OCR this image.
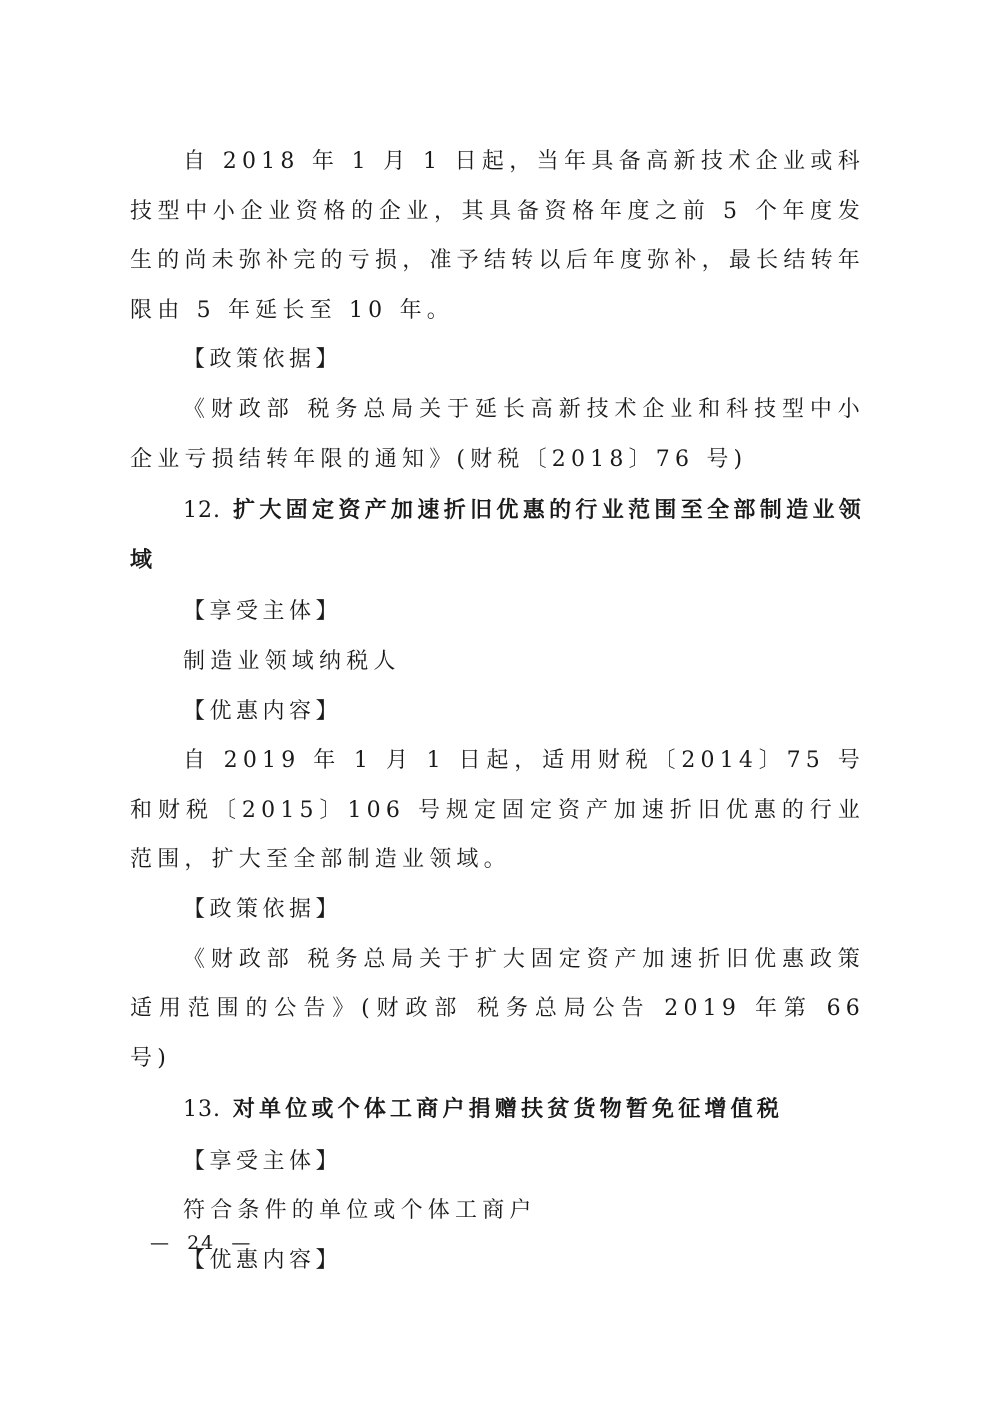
自 2018 年 1 月 1 日起，当年具备高新技术企业或科技型中小企业资格的企业，其具备资格年度之前 5 个年度发生的尚未弥补完的亏损，准予结转以后年度弥补，最长结转年限由 5 年延长至 10 年。

【政策依据】

《财政部 税务总局关于延长高新技术企业和科技型中小企业亏损结转年限的通知》(财税〔2018〕76 号)

12. 扩大固定资产加速折旧优惠的行业范围至全部制造业领域

【享受主体】

制造业领域纳税人

【优惠内容】

自 2019 年 1 月 1 日起，适用财税〔2014〕75 号和财税〔2015〕106 号规定固定资产加速折旧优惠的行业范围，扩大至全部制造业领域。

【政策依据】

《财政部 税务总局关于扩大固定资产加速折旧优惠政策适用范围的公告》(财政部 税务总局公告 2019 年第 66 号)

13. 对单位或个体工商户捐赠扶贫货物暂免征增值税

【享受主体】

符合条件的单位或个体工商户

【优惠内容】

— 24 —
